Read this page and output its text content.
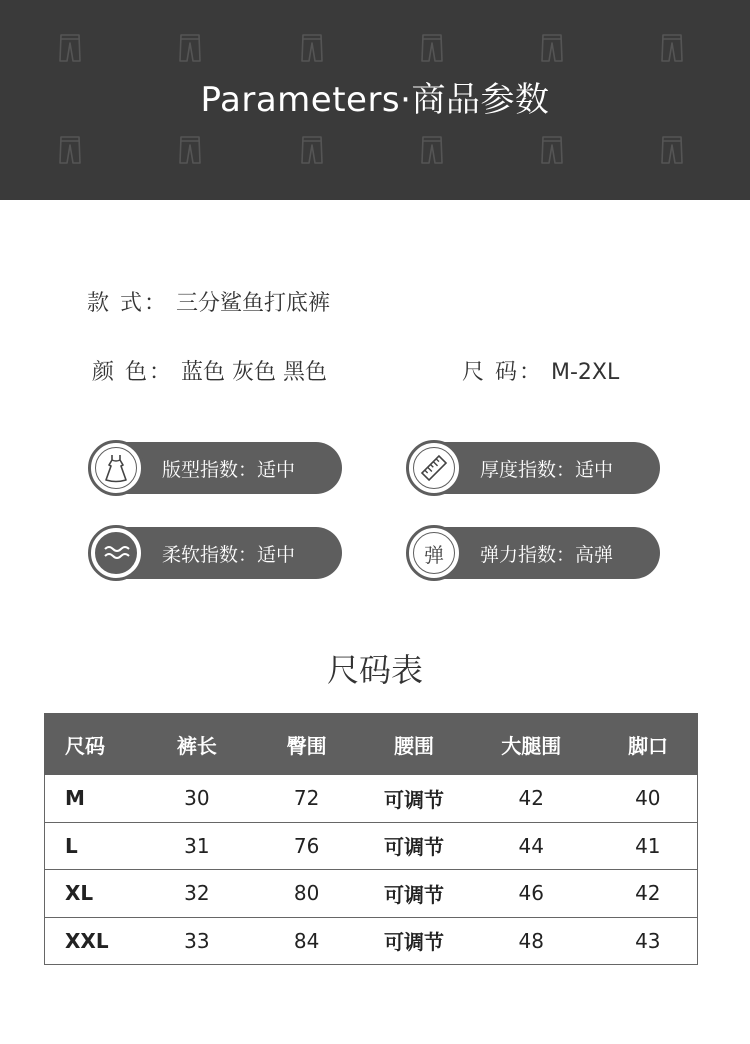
Parameters·商品参数
款 式： 三分鲨鱼打底裤
颜 色： 蓝色 灰色 黑色	尺 码： M-2XL
版型指数：适中	厚度指数：适中
柔软指数：适中	弹 弹力指数：高弹
尺码表
尺码	裤长	臀围	腰围	大腿围	脚口
M	30	72	可调节	42	40
L	31	76	可调节	44	41
XL	32	80	可调节	46	42
XXL	33	84	可调节	48	43
